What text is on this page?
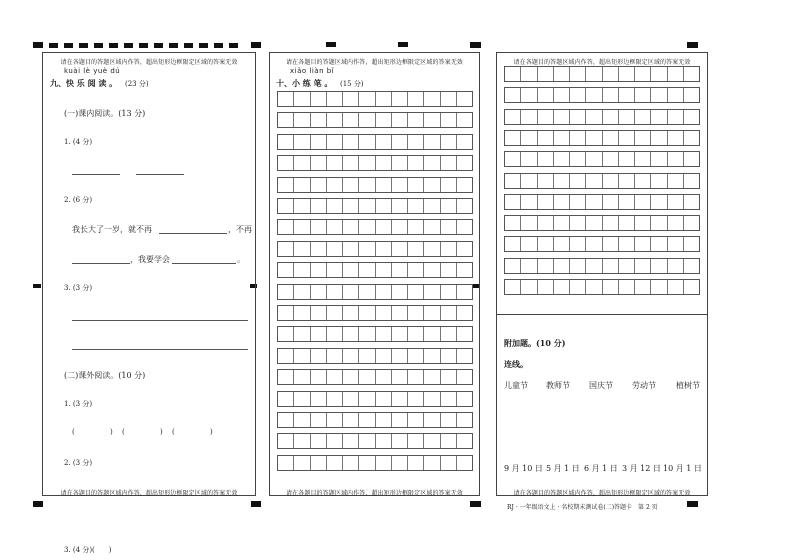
请在各题目的答题区域内作答，超出矩形边框限定区域的答案无效
请在各题目的答题区域内作答，超出矩形边框限定区域的答案无效
kuài lè yuè dú
九、快 乐 阅 读 。 (23 分)
(一)课内阅读。(13 分)
1. (4 分)
2. (6 分)
我长大了一岁，就不再	，不再
，我要学会	。
3. (3 分)
(二)课外阅读。(10 分)
1. (3 分)
(	) (	) (	)
2. (3 分)
请在各题目的答题区域内作答，超出矩形边框限定区域的答案无效
请在各题目的答题区域内作答，超出矩形边框限定区域的答案无效
xiǎo liàn bǐ
十、小 练 笔 。 (15 分)
请在各题目的答题区域内作答，超出矩形边框限定区域的答案无效
请在各题目的答题区域内作答，超出矩形边框限定区域的答案无效
附加题。(10 分)
连线。
儿童节 教师节 国庆节 劳动节	植树节
9 月 10 日 5 月 1 日 6 月 1 日 3 月 12 日 10 月 1 日
RJ · 一年级语文上 · 名校期末测试卷(二)答题卡　第 2 页
3. (4 分)(　　)
